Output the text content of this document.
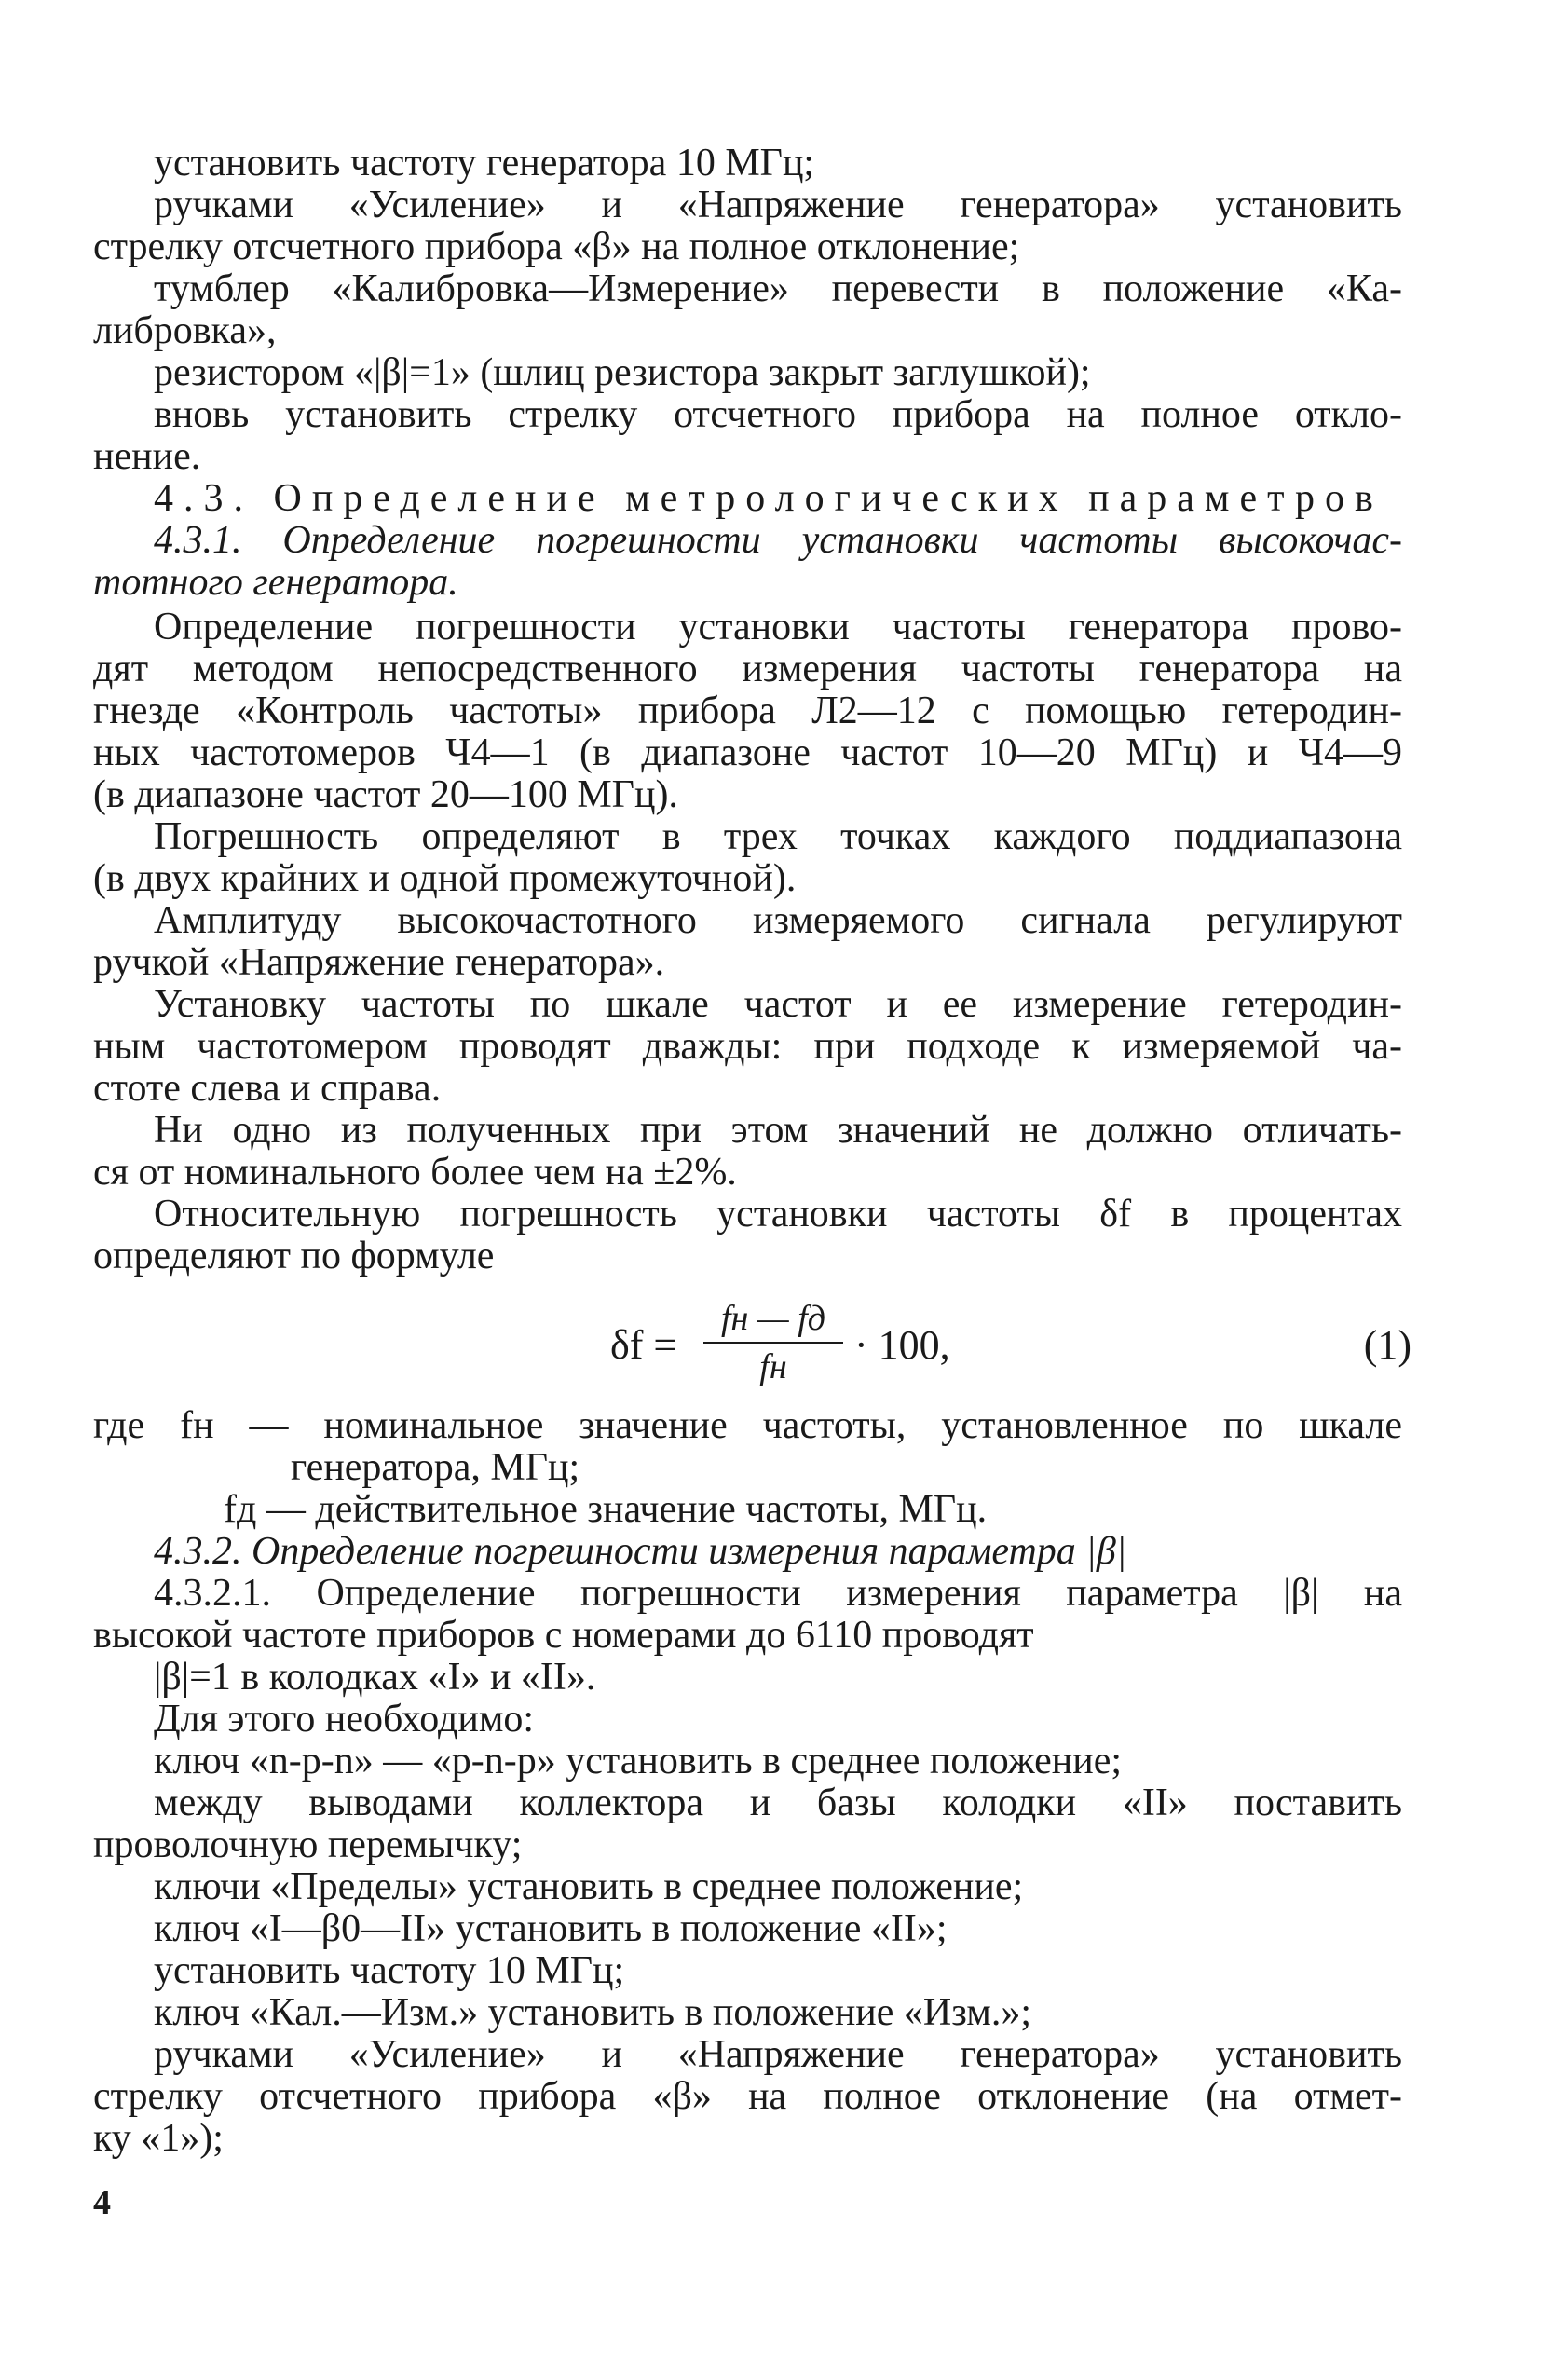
установить частоту генератора 10 МГц;
ручками «Усиление» и «Напряжение генератора» установить
стрелку отсчетного прибора «β» на полное отклонение;
тумблер «Калибровка—Измерение» перевести в положение «Ка-
либровка»,
резистором «|β|=1» (шлиц резистора закрыт заглушкой);
вновь установить стрелку отсчетного прибора на полное откло-
нение.
4.3. Определение метрологических параметров
4.3.1. Определение погрешности установки частоты высокочас-
тотного генератора.
Определение погрешности установки частоты генератора прово-
дят методом непосредственного измерения частоты генератора на
гнезде «Контроль частоты» прибора Л2—12 с помощью гетеродин-
ных частотомеров Ч4—1 (в диапазоне частот 10—20 МГц) и Ч4—9
(в диапазоне частот 20—100 МГц).
Погрешность определяют в трех точках каждого поддиапазона
(в двух крайних и одной промежуточной).
Амплитуду высокочастотного измеряемого сигнала регулируют
ручкой «Напряжение генератора».
Установку частоты по шкале частот и ее измерение гетеродин-
ным частотомером проводят дважды: при подходе к измеряемой ча-
стоте слева и справа.
Ни одно из полученных при этом значений не должно отличать-
ся от номинального более чем на ±2%.
Относительную погрешность установки частоты δf в процентах
определяют по формуле
δf =
fн — fд
fн	· 100,	(1)
где fн — номинальное значение частоты, установленное по шкале
генератора, МГц;
fд — действительное значение частоты, МГц.
4.3.2. Определение погрешности измерения параметра |β|
4.3.2.1. Определение погрешности измерения параметра |β| на
высокой частоте приборов с номерами до 6110 проводят
|β|=1 в колодках «I» и «II».
Для этого необходимо:
ключ «n-p-n» — «p-n-p» установить в среднее положение;
между выводами коллектора и базы колодки «II» поставить
проволочную перемычку;
ключи «Пределы» установить в среднее положение;
ключ «I—β0—II» установить в положение «II»;
установить частоту 10 МГц;
ключ «Кал.—Изм.» установить в положение «Изм.»;
ручками «Усиление» и «Напряжение генератора» установить
стрелку отсчетного прибора «β» на полное отклонение (на отмет-
ку «1»);
4
